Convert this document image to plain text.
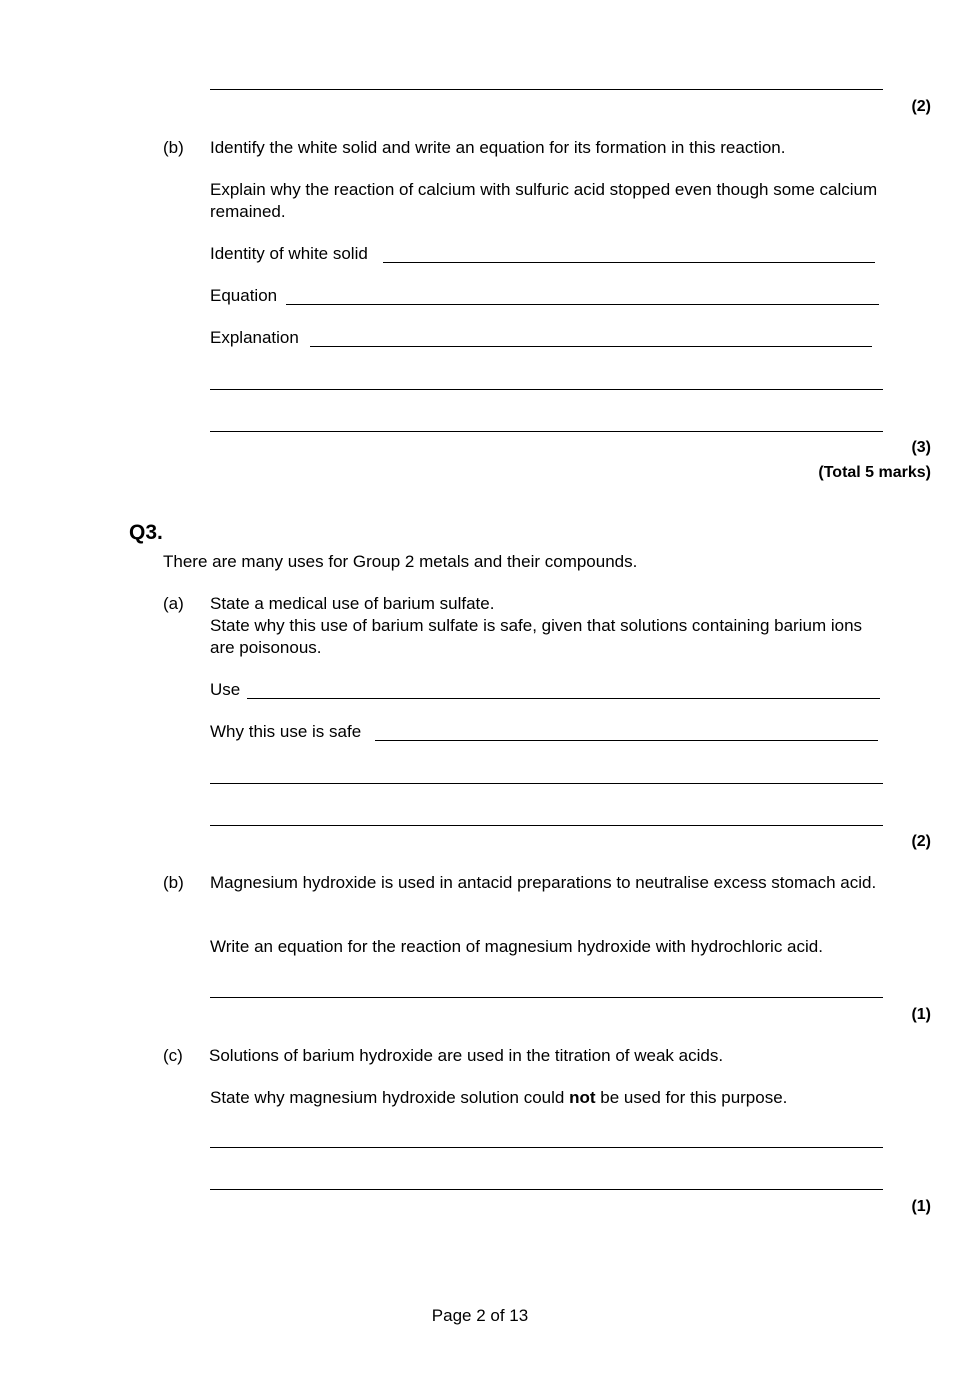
(2)
(b) Identify the white solid and write an equation for its formation in this reaction.
Explain why the reaction of calcium with sulfuric acid stopped even though some calcium remained.
Identity of white solid
Equation
Explanation
(3)
(Total 5 marks)
Q3.
There are many uses for Group 2 metals and their compounds.
(a) State a medical use of barium sulfate.
State why this use of barium sulfate is safe, given that solutions containing barium ions are poisonous.
Use
Why this use is safe
(2)
(b) Magnesium hydroxide is used in antacid preparations to neutralise excess stomach acid.
Write an equation for the reaction of magnesium hydroxide with hydrochloric acid.
(1)
(c) Solutions of barium hydroxide are used in the titration of weak acids.
State why magnesium hydroxide solution could not be used for this purpose.
(1)
Page 2 of 13
